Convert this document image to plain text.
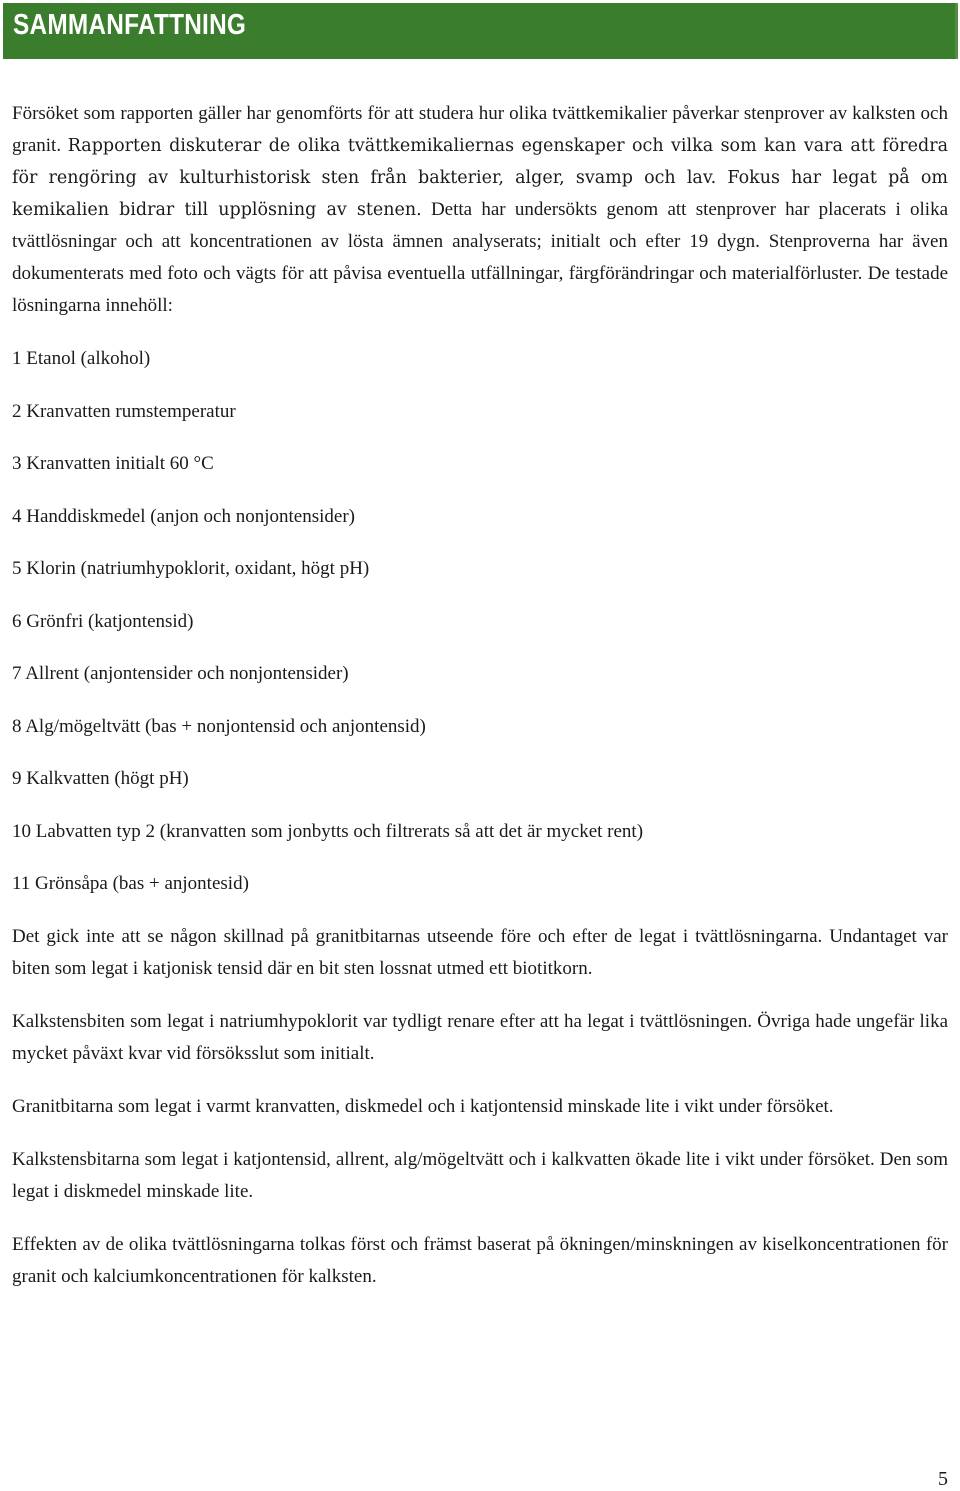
SAMMANFATTNING

Försöket som rapporten gäller har genomförts för att studera hur olika tvättkemikalier påverkar stenprover av kalksten och granit. Rapporten diskuterar de olika tvättkemikaliernas egenskaper och vilka som kan vara att föredra för rengöring av kulturhistorisk sten från bakterier, alger, svamp och lav. Fokus har legat på om kemikalien bidrar till upplösning av stenen. Detta har undersökts genom att stenprover har placerats i olika tvättlösningar och att koncentrationen av lösta ämnen analyserats; initialt och efter 19 dygn. Stenproverna har även dokumenterats med foto och vägts för att påvisa eventuella utfällningar, färgförändringar och materialförluster. De testade lösningarna innehöll:

1 Etanol (alkohol)

2 Kranvatten rumstemperatur

3 Kranvatten initialt 60 °C

4 Handdiskmedel (anjon och nonjontensider)

5 Klorin (natriumhypoklorit, oxidant, högt pH)

6 Grönfri (katjontensid)

7 Allrent (anjontensider och nonjontensider)

8 Alg/mögeltvätt (bas + nonjontensid och anjontensid)

9 Kalkvatten (högt pH)

10 Labvatten typ 2 (kranvatten som jonbytts och filtrerats så att det är mycket rent)

11 Grönsåpa (bas + anjontesid)

Det gick inte att se någon skillnad på granitbitarnas utseende före och efter de legat i tvättlösningarna. Undantaget var biten som legat i katjonisk tensid där en bit sten lossnat utmed ett biotitkorn.

Kalkstensbiten som legat i natriumhypoklorit var tydligt renare efter att ha legat i tvättlösningen. Övriga hade ungefär lika mycket påväxt kvar vid försöksslut som initialt.

Granitbitarna som legat i varmt kranvatten, diskmedel och i katjontensid minskade lite i vikt under försöket.

Kalkstensbitarna som legat i katjontensid, allrent, alg/mögeltvätt och i kalkvatten ökade lite i vikt under försöket. Den som legat i diskmedel minskade lite.

Effekten av de olika tvättlösningarna tolkas först och främst baserat på ökningen/minskningen av kiselkoncentrationen för granit och kalciumkoncentrationen för kalksten.

5
